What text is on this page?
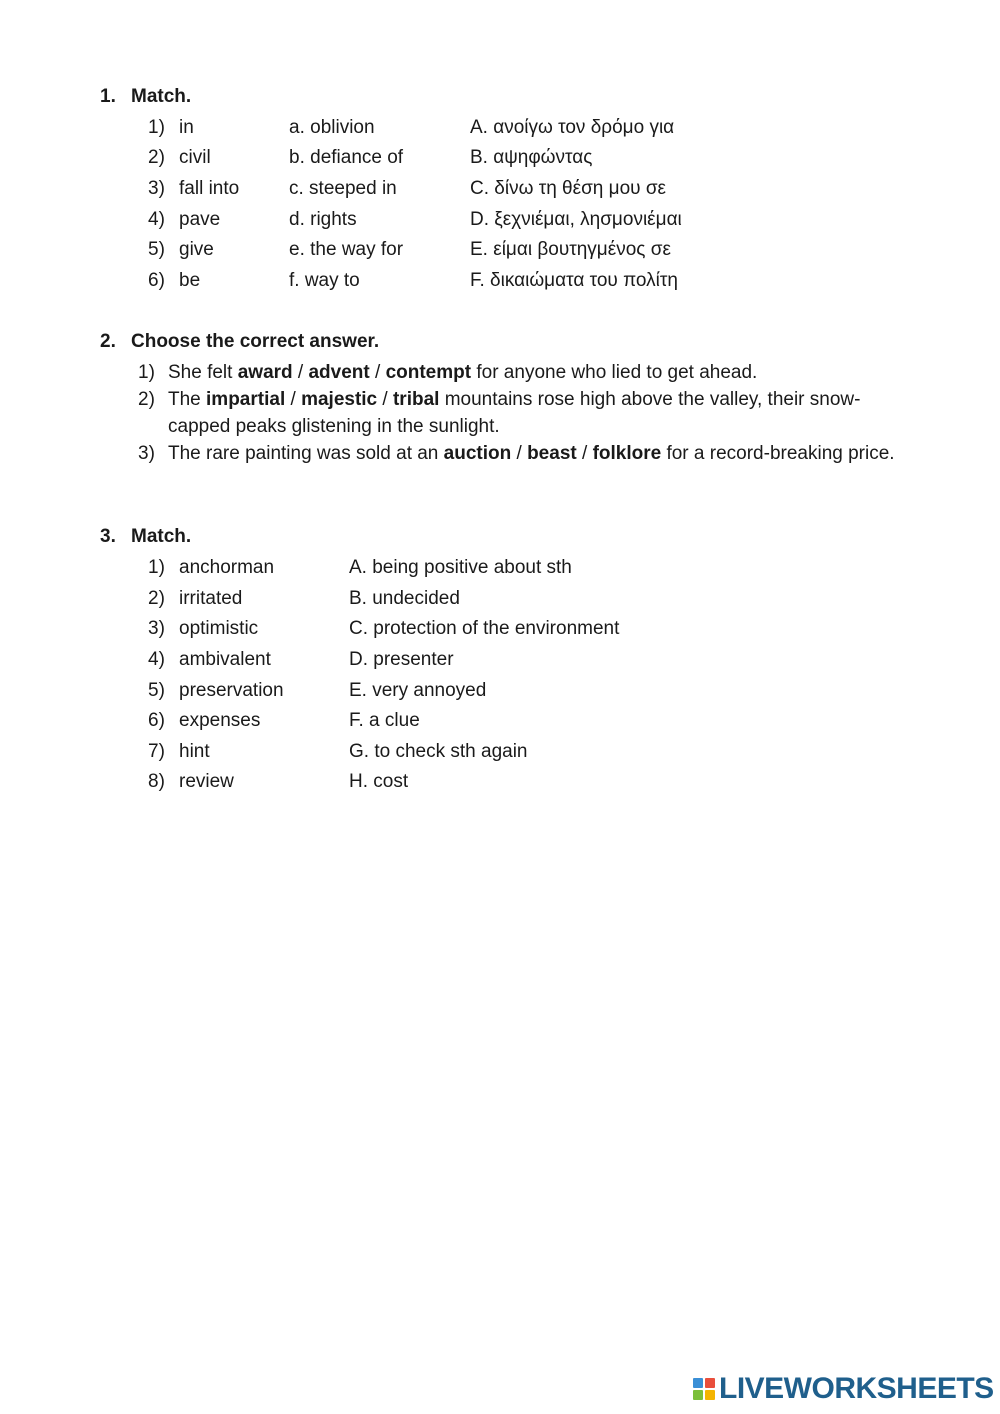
1. Match.
1) in	a. oblivion	A. ανοίγω τον δρόμο για
2) civil	b. defiance of	B. αψηφώντας
3) fall into	c. steeped in	C. δίνω τη θέση μου σε
4) pave	d. rights	D. ξεχνιέμαι, λησμονιέμαι
5) give	e. the way for	E. είμαι βουτηγμένος σε
6) be	f. way to	F. δικαιώματα του πολίτη
2. Choose the correct answer.
1) She felt award / advent / contempt for anyone who lied to get ahead.
2) The impartial / majestic / tribal mountains rose high above the valley, their snow-capped peaks glistening in the sunlight.
3) The rare painting was sold at an auction / beast / folklore for a record-breaking price.
3. Match.
1) anchorman	A. being positive about sth
2) irritated	B. undecided
3) optimistic	C. protection of the environment
4) ambivalent	D. presenter
5) preservation	E. very annoyed
6) expenses	F. a clue
7) hint	G. to check sth again
8) review	H. cost
LIVEWORKSHEETS
